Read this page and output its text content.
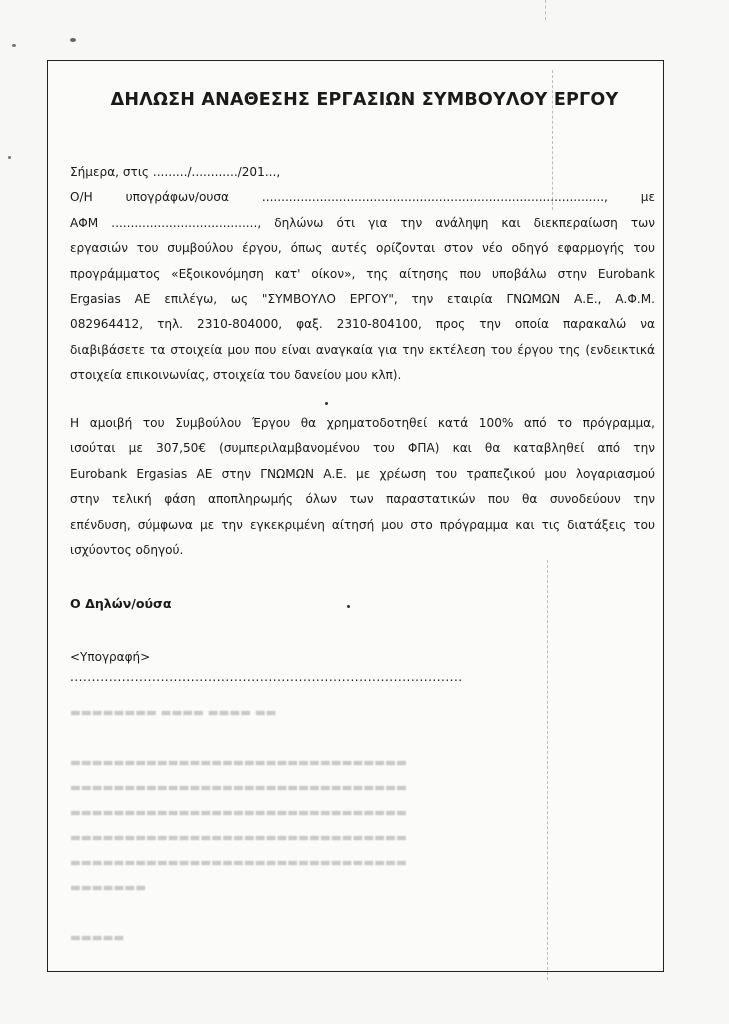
▬▬▬▬▬▬▬▬ ▬▬▬▬ ▬▬▬▬ ▬▬
▬▬▬▬▬▬▬▬▬▬▬▬▬▬▬▬▬▬▬▬▬▬▬▬▬▬▬▬▬▬▬
▬▬▬▬▬▬▬▬▬▬▬▬▬▬▬▬▬▬▬▬▬▬▬▬▬▬▬▬▬▬▬
▬▬▬▬▬▬▬▬▬▬▬▬▬▬▬▬▬▬▬▬▬▬▬▬▬▬▬▬▬▬▬
▬▬▬▬▬▬▬▬▬▬▬▬▬▬▬▬▬▬▬▬▬▬▬▬▬▬▬▬▬▬▬
▬▬▬▬▬▬▬▬▬▬▬▬▬▬▬▬▬▬▬▬▬▬▬▬▬▬▬▬▬▬▬
▬▬▬▬▬▬▬
▬▬▬▬▬
ΔΗΛΩΣΗ ΑΝΑΘΕΣΗΣ ΕΡΓΑΣΙΩΝ ΣΥΜΒΟΥΛΟΥ ΕΡΓΟΥ
Σήμερα, στις ........./............/201...,
Ο/Η υπογράφων/ουσα ........................................................................................., με
ΑΦΜ ......................................, δηλώνω ότι για την ανάληψη και διεκπεραίωση των
εργασιών του συμβούλου έργου, όπως αυτές ορίζονται στον νέο οδηγό εφαρμογής του
προγράμματος «Εξοικονόμηση κατ' οίκον», της αίτησης που υποβάλω στην Eurobank
Ergasias ΑΕ επιλέγω, ως "ΣΥΜΒΟΥΛΟ ΕΡΓΟΥ", την εταιρία ΓΝΩΜΩΝ Α.Ε., Α.Φ.Μ.
082964412, τηλ. 2310-804000, φαξ. 2310-804100, προς την οποία παρακαλώ να
διαβιβάσετε τα στοιχεία μου που είναι αναγκαία για την εκτέλεση του έργου της (ενδεικτικά
στοιχεία επικοινωνίας, στοιχεία του δανείου μου κλπ).
Η αμοιβή του Συμβούλου Έργου θα χρηματοδοτηθεί κατά 100% από το πρόγραμμα,
ισούται με 307,50€ (συμπεριλαμβανομένου του ΦΠΑ) και θα καταβληθεί από την
Eurobank Ergasias ΑΕ στην ΓΝΩΜΩΝ Α.Ε. με χρέωση του τραπεζικού μου λογαριασμού
στην τελική φάση αποπληρωμής όλων των παραστατικών που θα συνοδεύουν την
επένδυση, σύμφωνα με την εγκεκριμένη αίτησή μου στο πρόγραμμα και τις διατάξεις του
ισχύοντος οδηγού.
Ο Δηλών/ούσα
<Υπογραφή>
...........................................................................................
